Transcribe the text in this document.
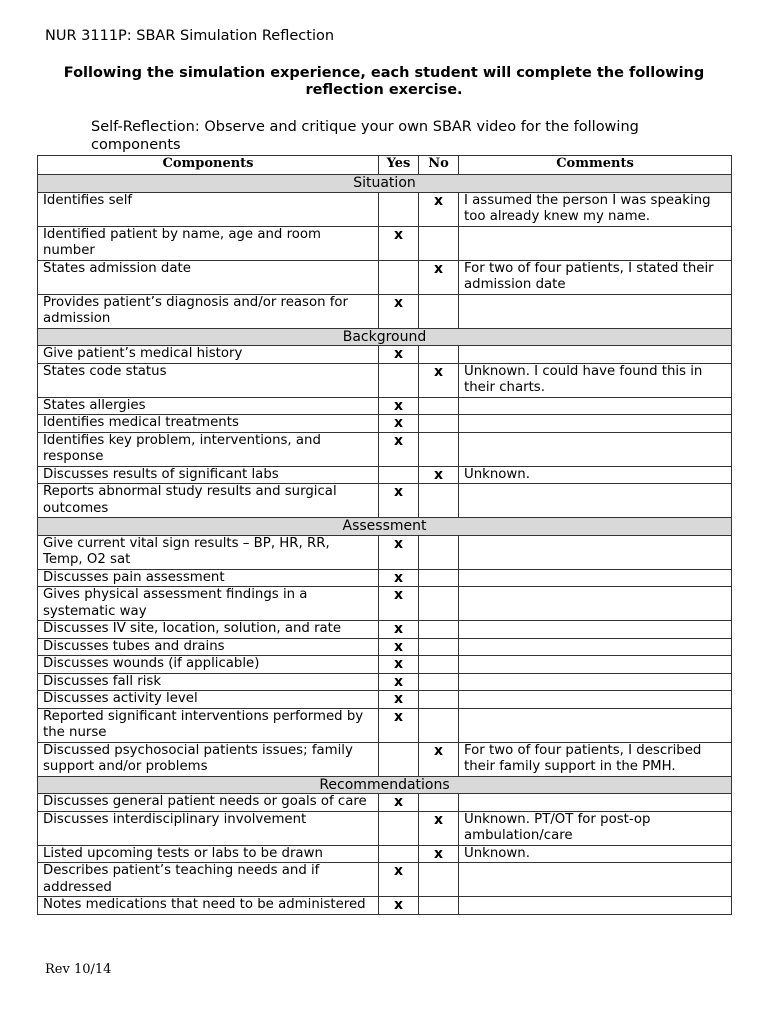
NUR 3111P: SBAR Simulation Reflection
Following the simulation experience, each student will complete the following reflection exercise.
Self-Reflection: Observe and critique your own SBAR video for the following components
Components	Yes	No	Comments
Situation			
Identifies self		x	I assumed the person I was speaking too already knew my name.
Identified patient by name, age and room number	x		
States admission date		x	For two of four patients, I stated their admission date
Provides patient’s diagnosis and/or reason for admission	x		
Background			
Give patient’s medical history	x		
States code status		x	Unknown. I could have found this in their charts.
States allergies	x		
Identifies medical treatments	x		
Identifies key problem, interventions, and response	x		
Discusses results of significant labs		x	Unknown.
Reports abnormal study results and surgical outcomes	x		
Assessment			
Give current vital sign results – BP, HR, RR, Temp, O2 sat	x		
Discusses pain assessment	x		
Gives physical assessment findings in a systematic way	x		
Discusses IV site, location, solution, and rate	x		
Discusses tubes and drains	x		
Discusses wounds (if applicable)	x		
Discusses fall risk	x		
Discusses activity level	x		
Reported significant interventions performed by the nurse	x		
Discussed psychosocial patients issues; family support and/or problems		x	For two of four patients, I described their family support in the PMH.
Recommendations			
Discusses general patient needs or goals of care	x		
Discusses interdisciplinary involvement		x	Unknown. PT/OT for post-op ambulation/care
Listed upcoming tests or labs to be drawn		x	Unknown.
Describes patient’s teaching needs and if addressed	x		
Notes medications that need to be administered	x		
Rev 10/14
